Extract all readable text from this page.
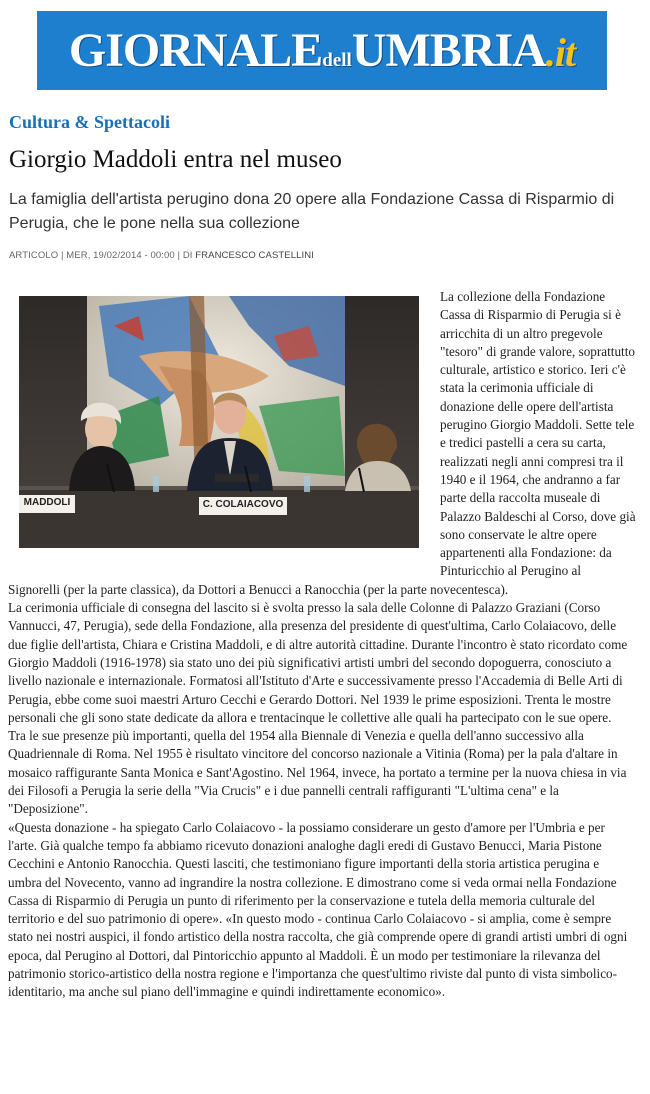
GIORNALEdellUMBRIA.it
Cultura & Spettacoli
Giorgio Maddoli entra nel museo

La famiglia dell'artista perugino dona 20 opere alla Fondazione Cassa di Risparmio di Perugia, che le pone nella sua collezione

ARTICOLO | MER, 19/02/2014 - 00:00 | DI FRANCESCO CASTELLINI
MADDOLI	C. COLAIACOVO

La collezione della Fondazione Cassa di Risparmio di Perugia si è arricchita di un altro pregevole "tesoro" di grande valore, soprattutto culturale, artistico e storico. Ieri c'è stata la cerimonia ufficiale di donazione delle opere dell'artista perugino Giorgio Maddoli. Sette tele e tredici pastelli a cera su carta, realizzati negli anni compresi tra il 1940 e il 1964, che andranno a far parte della raccolta museale di Palazzo Baldeschi al Corso, dove già sono conservate le altre opere appartenenti alla Fondazione: da Pinturicchio al Perugino al Signorelli (per la parte classica), da Dottori a Benucci a Ranocchia (per la parte novecentesca).

La cerimonia ufficiale di consegna del lascito si è svolta presso la sala delle Colonne di Palazzo Graziani (Corso Vannucci, 47, Perugia), sede della Fondazione, alla presenza del presidente di quest'ultima, Carlo Colaiacovo, delle due figlie dell'artista, Chiara e Cristina Maddoli, e di altre autorità cittadine. Durante l'incontro è stato ricordato come Giorgio Maddoli (1916-1978) sia stato uno dei più significativi artisti umbri del secondo dopoguerra, conosciuto a livello nazionale e internazionale. Formatosi all'Istituto d'Arte e successivamente presso l'Accademia di Belle Arti di Perugia, ebbe come suoi maestri Arturo Cecchi e Gerardo Dottori. Nel 1939 le prime esposizioni. Trenta le mostre personali che gli sono state dedicate da allora e trentacinque le collettive alle quali ha partecipato con le sue opere.

Tra le sue presenze più importanti, quella del 1954 alla Biennale di Venezia e quella dell'anno successivo alla Quadriennale di Roma. Nel 1955 è risultato vincitore del concorso nazionale a Vitinia (Roma) per la pala d'altare in mosaico raffigurante Santa Monica e Sant'Agostino. Nel 1964, invece, ha portato a termine per la nuova chiesa in via dei Filosofi a Perugia la serie della "Via Crucis" e i due pannelli centrali raffiguranti "L'ultima cena" e la "Deposizione".

«Questa donazione - ha spiegato Carlo Colaiacovo - la possiamo considerare un gesto d'amore per l'Umbria e per l'arte. Già qualche tempo fa abbiamo ricevuto donazioni analoghe dagli eredi di Gustavo Benucci, Maria Pistone Cecchini e Antonio Ranocchia. Questi lasciti, che testimoniano figure importanti della storia artistica perugina e umbra del Novecento, vanno ad ingrandire la nostra collezione. E dimostrano come si veda ormai nella Fondazione Cassa di Risparmio di Perugia un punto di riferimento per la conservazione e tutela della memoria culturale del territorio e del suo patrimonio di opere». «In questo modo - continua Carlo Colaiacovo - si amplia, come è sempre stato nei nostri auspici, il fondo artistico della nostra raccolta, che già comprende opere di grandi artisti umbri di ogni epoca, dal Perugino al Dottori, dal Pintoricchio appunto al Maddoli. È un modo per testimoniare la rilevanza del patrimonio storico-artistico della nostra regione e l'importanza che quest'ultimo riviste dal punto di vista simbolico-identitario, ma anche sul piano dell'immagine e quindi indirettamente economico».
